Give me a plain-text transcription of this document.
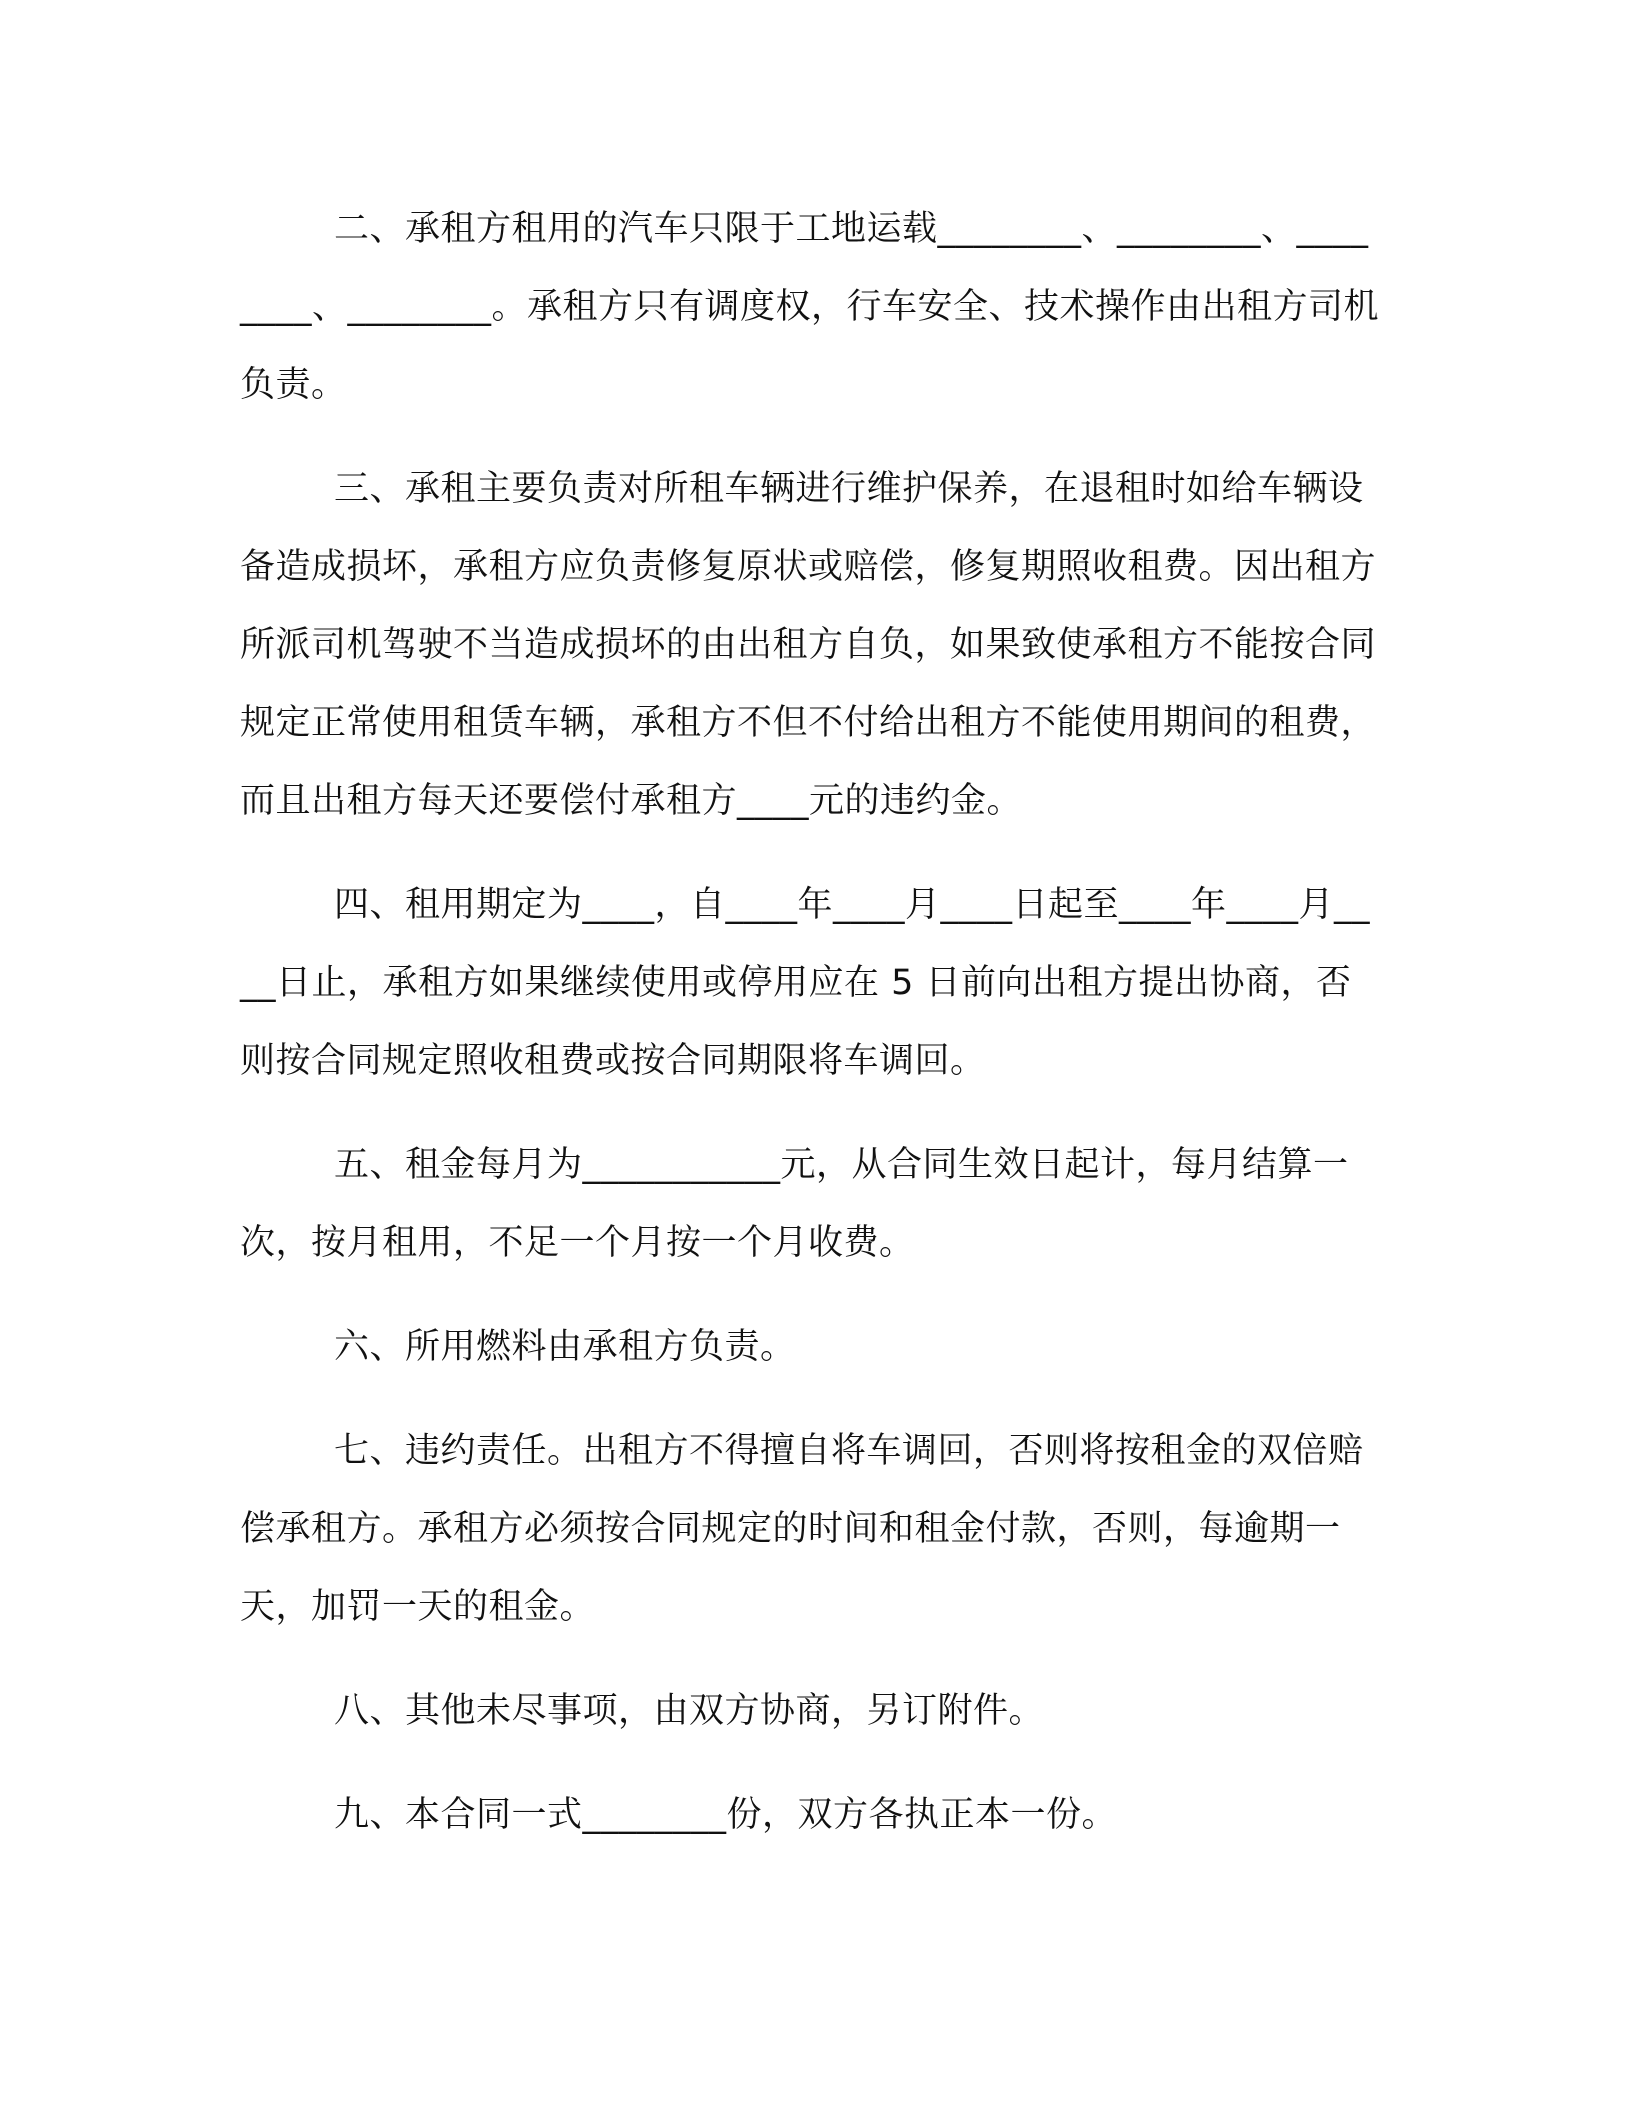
二、承租方租用的汽车只限于工地运载________、________、________、________。承租方只有调度权，行车安全、技术操作由出租方司机负责。

三、承租主要负责对所租车辆进行维护保养，在退租时如给车辆设备造成损坏，承租方应负责修复原状或赔偿，修复期照收租费。因出租方所派司机驾驶不当造成损坏的由出租方自负，如果致使承租方不能按合同规定正常使用租赁车辆，承租方不但不付给出租方不能使用期间的租费，而且出租方每天还要偿付承租方____元的违约金。

四、租用期定为____，自____年____月____日起至____年____月____日止，承租方如果继续使用或停用应在 5 日前向出租方提出协商，否则按合同规定照收租费或按合同期限将车调回。

五、租金每月为___________元，从合同生效日起计，每月结算一次，按月租用，不足一个月按一个月收费。

六、所用燃料由承租方负责。

七、违约责任。出租方不得擅自将车调回，否则将按租金的双倍赔偿承租方。承租方必须按合同规定的时间和租金付款，否则，每逾期一天，加罚一天的租金。

八、其他未尽事项，由双方协商，另订附件。

九、本合同一式________份，双方各执正本一份。
